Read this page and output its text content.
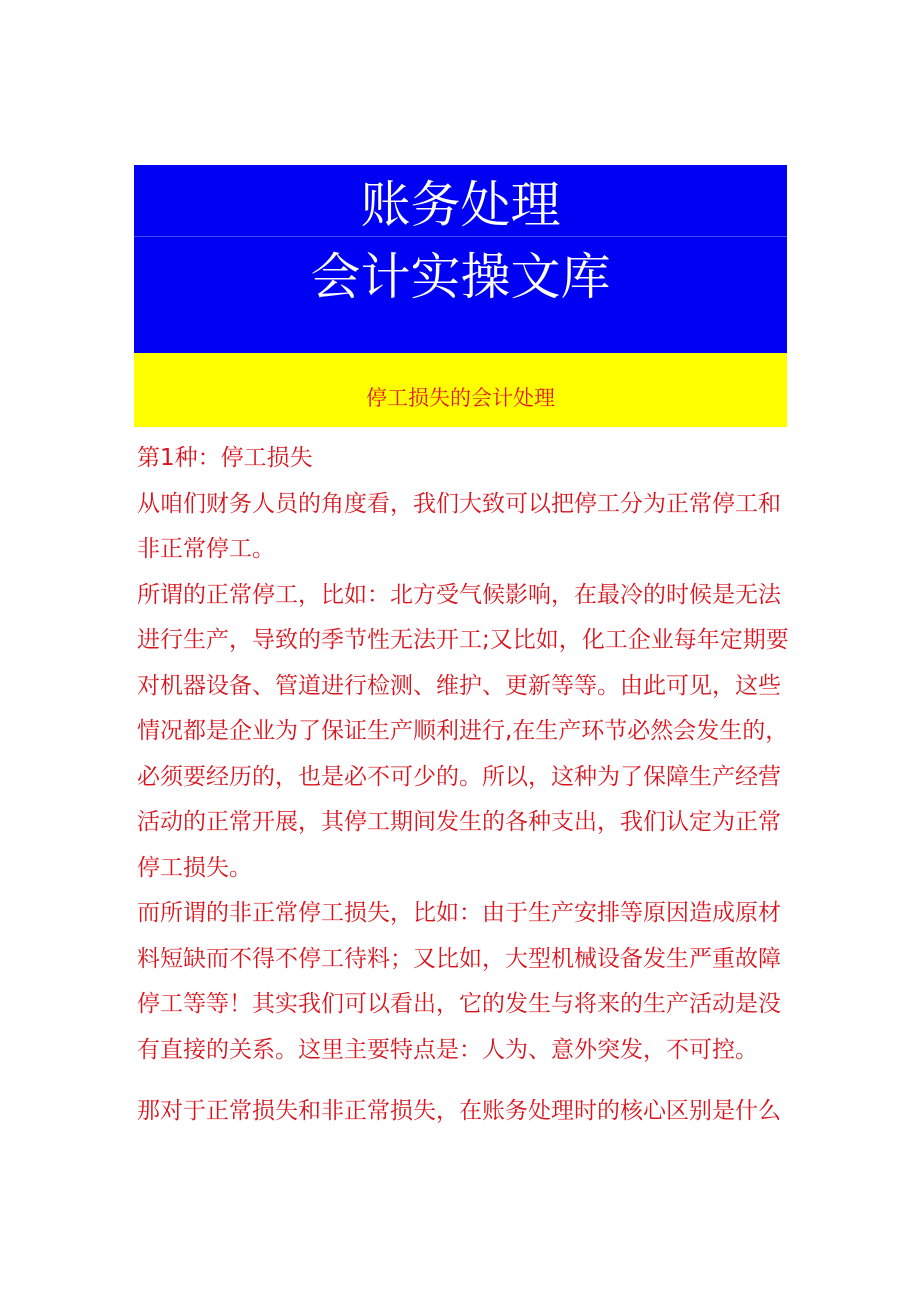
账务处理
会计实操文库
停工损失的会计处理
第1种：停工损失
从咱们财务人员的角度看，我们大致可以把停工分为正常停工和
非正常停工。
所谓的正常停工，比如：北方受气候影响，在最冷的时候是无法
进行生产，导致的季节性无法开工;又比如，化工企业每年定期要
对机器设备、管道进行检测、维护、更新等等。由此可见，这些
情况都是企业为了保证生产顺利进行,在生产环节必然会发生的，
必须要经历的，也是必不可少的。所以，这种为了保障生产经营
活动的正常开展，其停工期间发生的各种支出，我们认定为正常
停工损失。
而所谓的非正常停工损失，比如：由于生产安排等原因造成原材
料短缺而不得不停工待料；又比如，大型机械设备发生严重故障
停工等等！其实我们可以看出，它的发生与将来的生产活动是没
有直接的关系。这里主要特点是：人为、意外突发，不可控。
那对于正常损失和非正常损失，在账务处理时的核心区别是什么
